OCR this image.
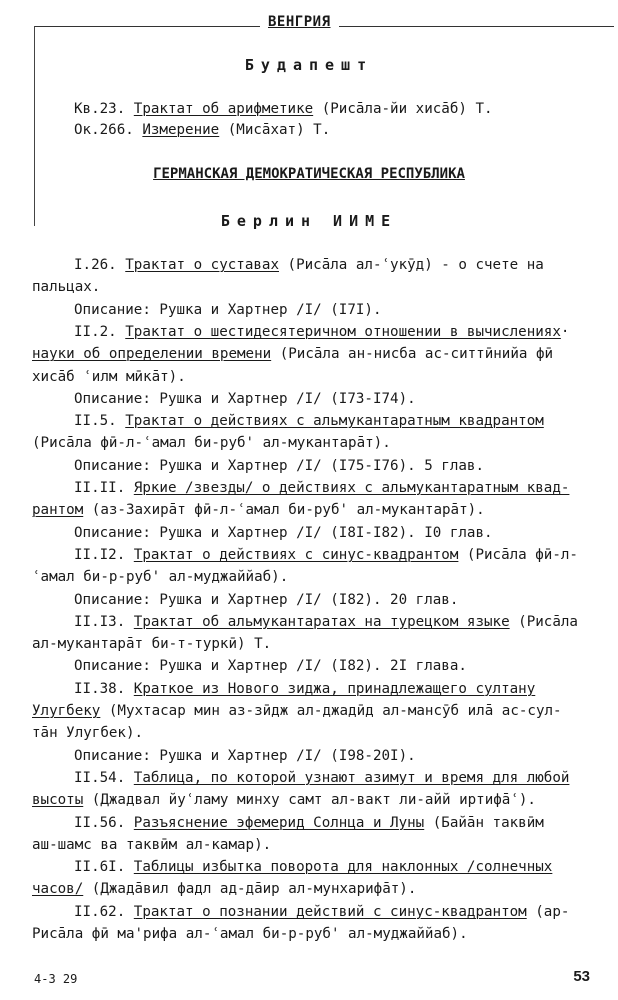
ВЕНГРИЯ
Будапешт
Кв.23. Трактат об арифметике (Рисāла-йи хисāб) Т.
Ок.266. Измерение (Мисāхат) Т.
ГЕРМАНСКАЯ ДЕМОКРАТИЧЕСКАЯ РЕСПУБЛИКА
Берлин ИИМЕ
I.26. Трактат о суставах (Рисāла ал-ʿукӯд) - о счете на
пальцах.
Описание: Рушка и Хартнер /I/ (I7I).
II.2. Трактат о шестидесятеричном отношении в вычислениях·
науки об определении времени (Рисāла ан-нисба ас-ситтӣнийа фӣ
хисāб ʿилм мӣкāт).
Описание: Рушка и Хартнер /I/ (I73-I74).
II.5. Трактат о действиях с альмукантаратным квадрантом
(Рисāла фӣ-л-ʿамал би-руб' ал-мукантарāт).
Описание: Рушка и Хартнер /I/ (I75-I76). 5 глав.
II.II. Яркие /звезды/ о действиях с альмукантаратным квад-
рантом (аз-Захирāт фӣ-л-ʿамал би-руб' ал-мукантарāт).
Описание: Рушка и Хартнер /I/ (I8I-I82). I0 глав.
II.I2. Трактат о действиях с синус-квадрантом (Рисāла фӣ-л-
ʿамал би-р-руб' ал-муджаййаб).
Описание: Рушка и Хартнер /I/ (I82). 20 глав.
II.I3. Трактат об альмукантаратах на турецком языке (Рисāла
ал-мукантарāт би-т-туркӣ) Т.
Описание: Рушка и Хартнер /I/ (I82). 2I глава.
II.38. Краткое из Нового зиджа, принадлежащего султану
Улугбеку (Мухтасар мин аз-зӣдж ал-джадӣд ал-мансӯб илā ас-сул-
тāн Улугбек).
Описание: Рушка и Хартнер /I/ (I98-20I).
II.54. Таблица, по которой узнают азимут и время для любой
высоты (Джадвал йуʿламу минху самт ал-вакт ли-айй иртифāʿ).
II.56. Разъяснение эфемерид Солнца и Луны (Байāн таквӣм
аш-шамс ва таквӣм ал-камар).
II.6I. Таблицы избытка поворота для наклонных /солнечных
часов/ (Джадāвил фадл ад-дāир ал-мунхарифāт).
II.62. Трактат о познании действий с синус-квадрантом (ар-
Рисāла фӣ ма'рифа ал-ʿамал би-р-руб' ал-муджаййаб).
4-3 29	53
